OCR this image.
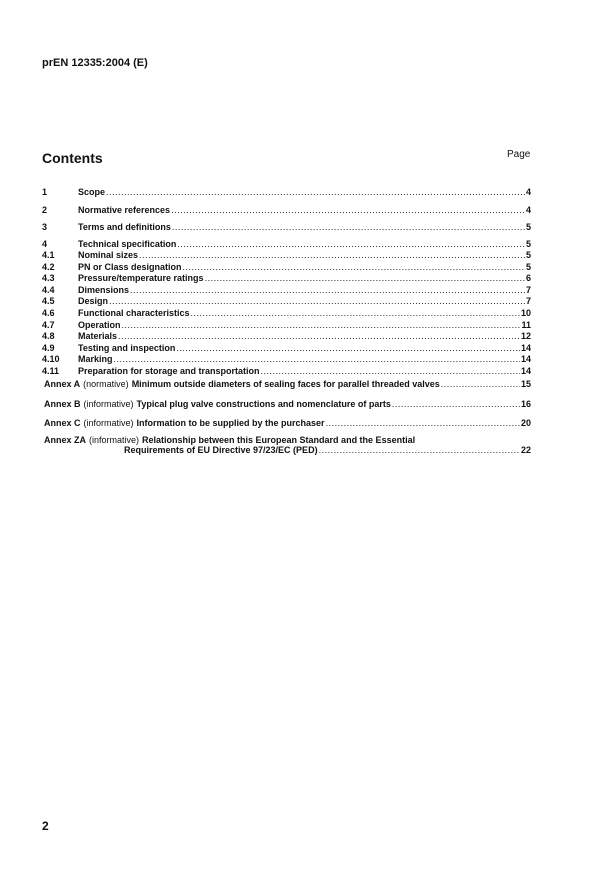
prEN 12335:2004 (E)
Contents	Page
1	Scope .....	4
2	Normative references .....	4
3	Terms and definitions .....	5
4	Technical specification .....	5
4.1	Nominal sizes .....	5
4.2	PN or Class designation .....	5
4.3	Pressure/temperature ratings .....	6
4.4	Dimensions .....	7
4.5	Design .....	7
4.6	Functional characteristics .....	10
4.7	Operation .....	11
4.8	Materials .....	12
4.9	Testing and inspection .....	14
4.10 Marking .....	14
4.11 Preparation for storage and transportation .....	14
Annex A (normative) Minimum outside diameters of sealing faces for parallel threaded valves .....	15
Annex B (informative) Typical plug valve constructions and nomenclature of parts .....	16
Annex C (informative) Information to be supplied by the purchaser .....	20
Annex ZA (informative) Relationship between this European Standard and the Essential
Requirements of EU Directive 97/23/EC (PED) .....	22
2
